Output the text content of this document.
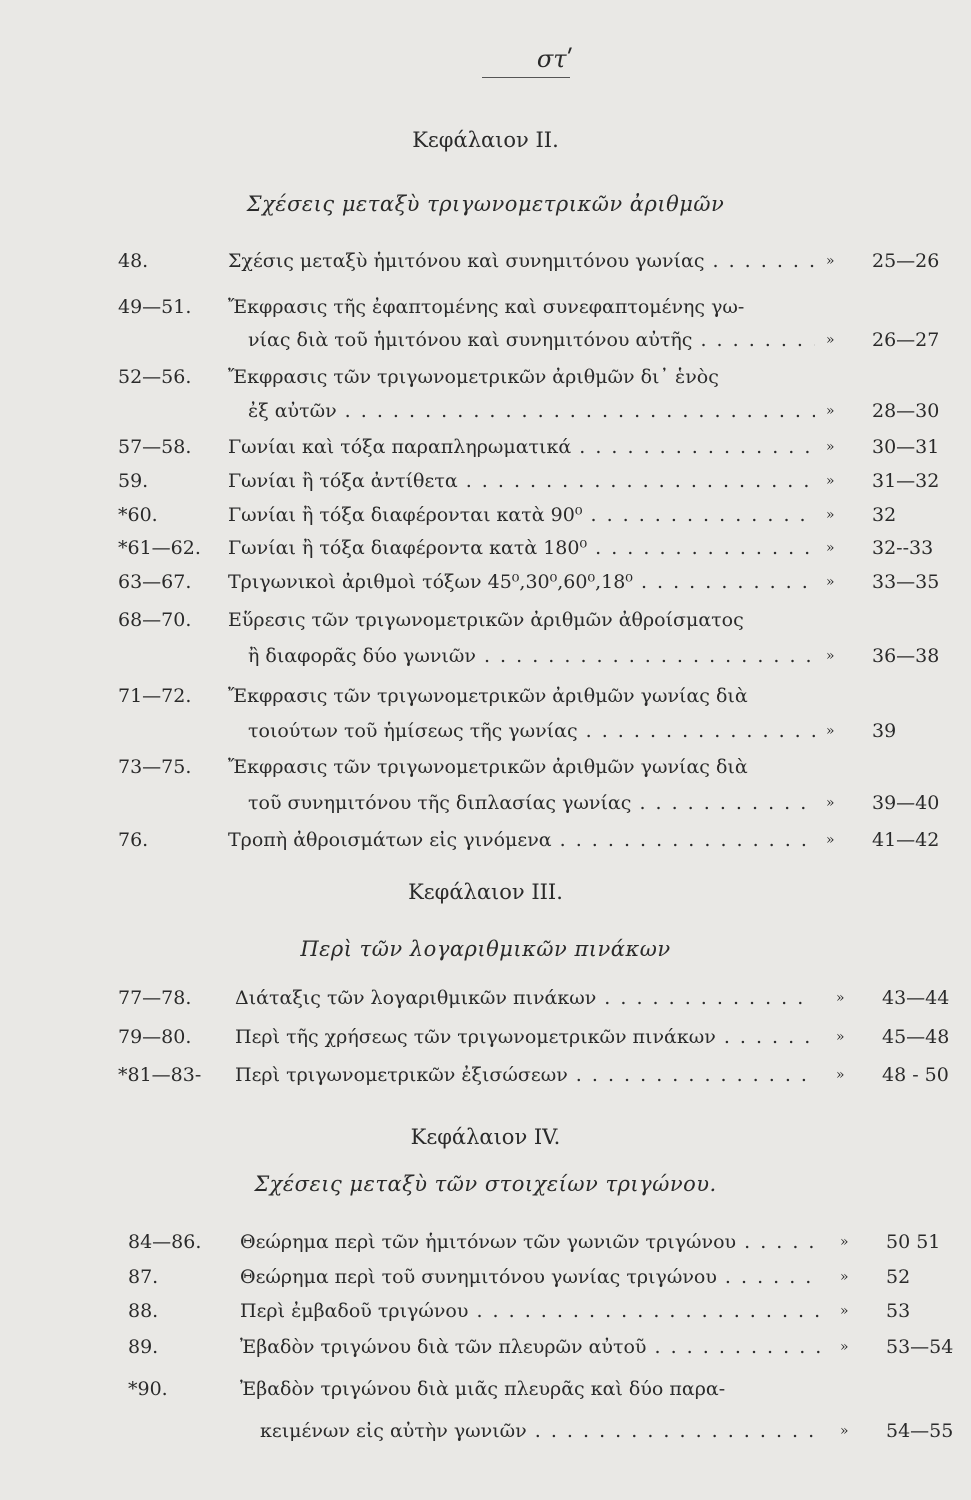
στʹ
Κεφάλαιον II.
Σχέσεις μεταξὺ τριγωνομετρικῶν ἀριθμῶν
48.	Σχέσις μεταξὺ ἡμιτόνου καὶ συνημιτόνου γωνίας . . .	» 25—26
49—51. Ἔκφρασις τῆς ἐφαπτομένης καὶ συνεφαπτομένης γω-
νίας διὰ τοῦ ἡμιτόνου καὶ συνημιτόνου αὐτῆς . . .	» 26—27
52—56. Ἔκφρασις τῶν τριγωνομετρικῶν ἀριθμῶν δι᾽ ἑνὸς
ἐξ αὐτῶν . . .	» 28—30
57—58. Γωνίαι καὶ τόξα παραπληρωματικά . . .	» 30—31
59.	Γωνίαι ἢ τόξα ἀντίθετα . . .	» 31—32
*60.	Γωνίαι ἢ τόξα διαφέρονται κατὰ 90⁰ . . .	» 32
*61—62. Γωνίαι ἢ τόξα διαφέροντα κατὰ 180⁰ . . .	» 32--33
63—67. Τριγωνικοὶ ἀριθμοὶ τόξων 45⁰,30⁰,60⁰,18⁰ . . .	» 33—35
68—70. Εὕρεσις τῶν τριγωνομετρικῶν ἀριθμῶν ἀθροίσματος
ἢ διαφορᾶς δύο γωνιῶν . . .	» 36—38
71—72. Ἔκφρασις τῶν τριγωνομετρικῶν ἀριθμῶν γωνίας διὰ
τοιούτων τοῦ ἡμίσεως τῆς γωνίας . . .	» 39
73—75. Ἔκφρασις τῶν τριγωνομετρικῶν ἀριθμῶν γωνίας διὰ
τοῦ συνημιτόνου τῆς διπλασίας γωνίας . . .	» 39—40
76.	Τροπὴ ἀθροισμάτων εἰς γινόμενα . . .	» 41—42
Κεφάλαιον III.
Περὶ τῶν λογαριθμικῶν πινάκων
77—78. Διάταξις τῶν λογαριθμικῶν πινάκων . . .	» 43—44
79—80. Περὶ τῆς χρήσεως τῶν τριγωνομετρικῶν πινάκων . . .	» 45—48
*81—83- Περὶ τριγωνομετρικῶν ἐξισώσεων . . .	» 48 - 50
Κεφάλαιον IV.
Σχέσεις μεταξὺ τῶν στοιχείων τριγώνου.
84—86. Θεώρημα περὶ τῶν ἡμιτόνων τῶν γωνιῶν τριγώνου . . .	» 50 51
87.	Θεώρημα περὶ τοῦ συνημιτόνου γωνίας τριγώνου . . .	» 52
88.	Περὶ ἐμβαδοῦ τριγώνου . . .	» 53
89.	Ἐβαδὸν τριγώνου διὰ τῶν πλευρῶν αὐτοῦ . . .	» 53—54
*90.	Ἐβαδὸν τριγώνου διὰ μιᾶς πλευρᾶς καὶ δύο παρα-
κειμένων εἰς αὐτὴν γωνιῶν . . .	» 54—55
